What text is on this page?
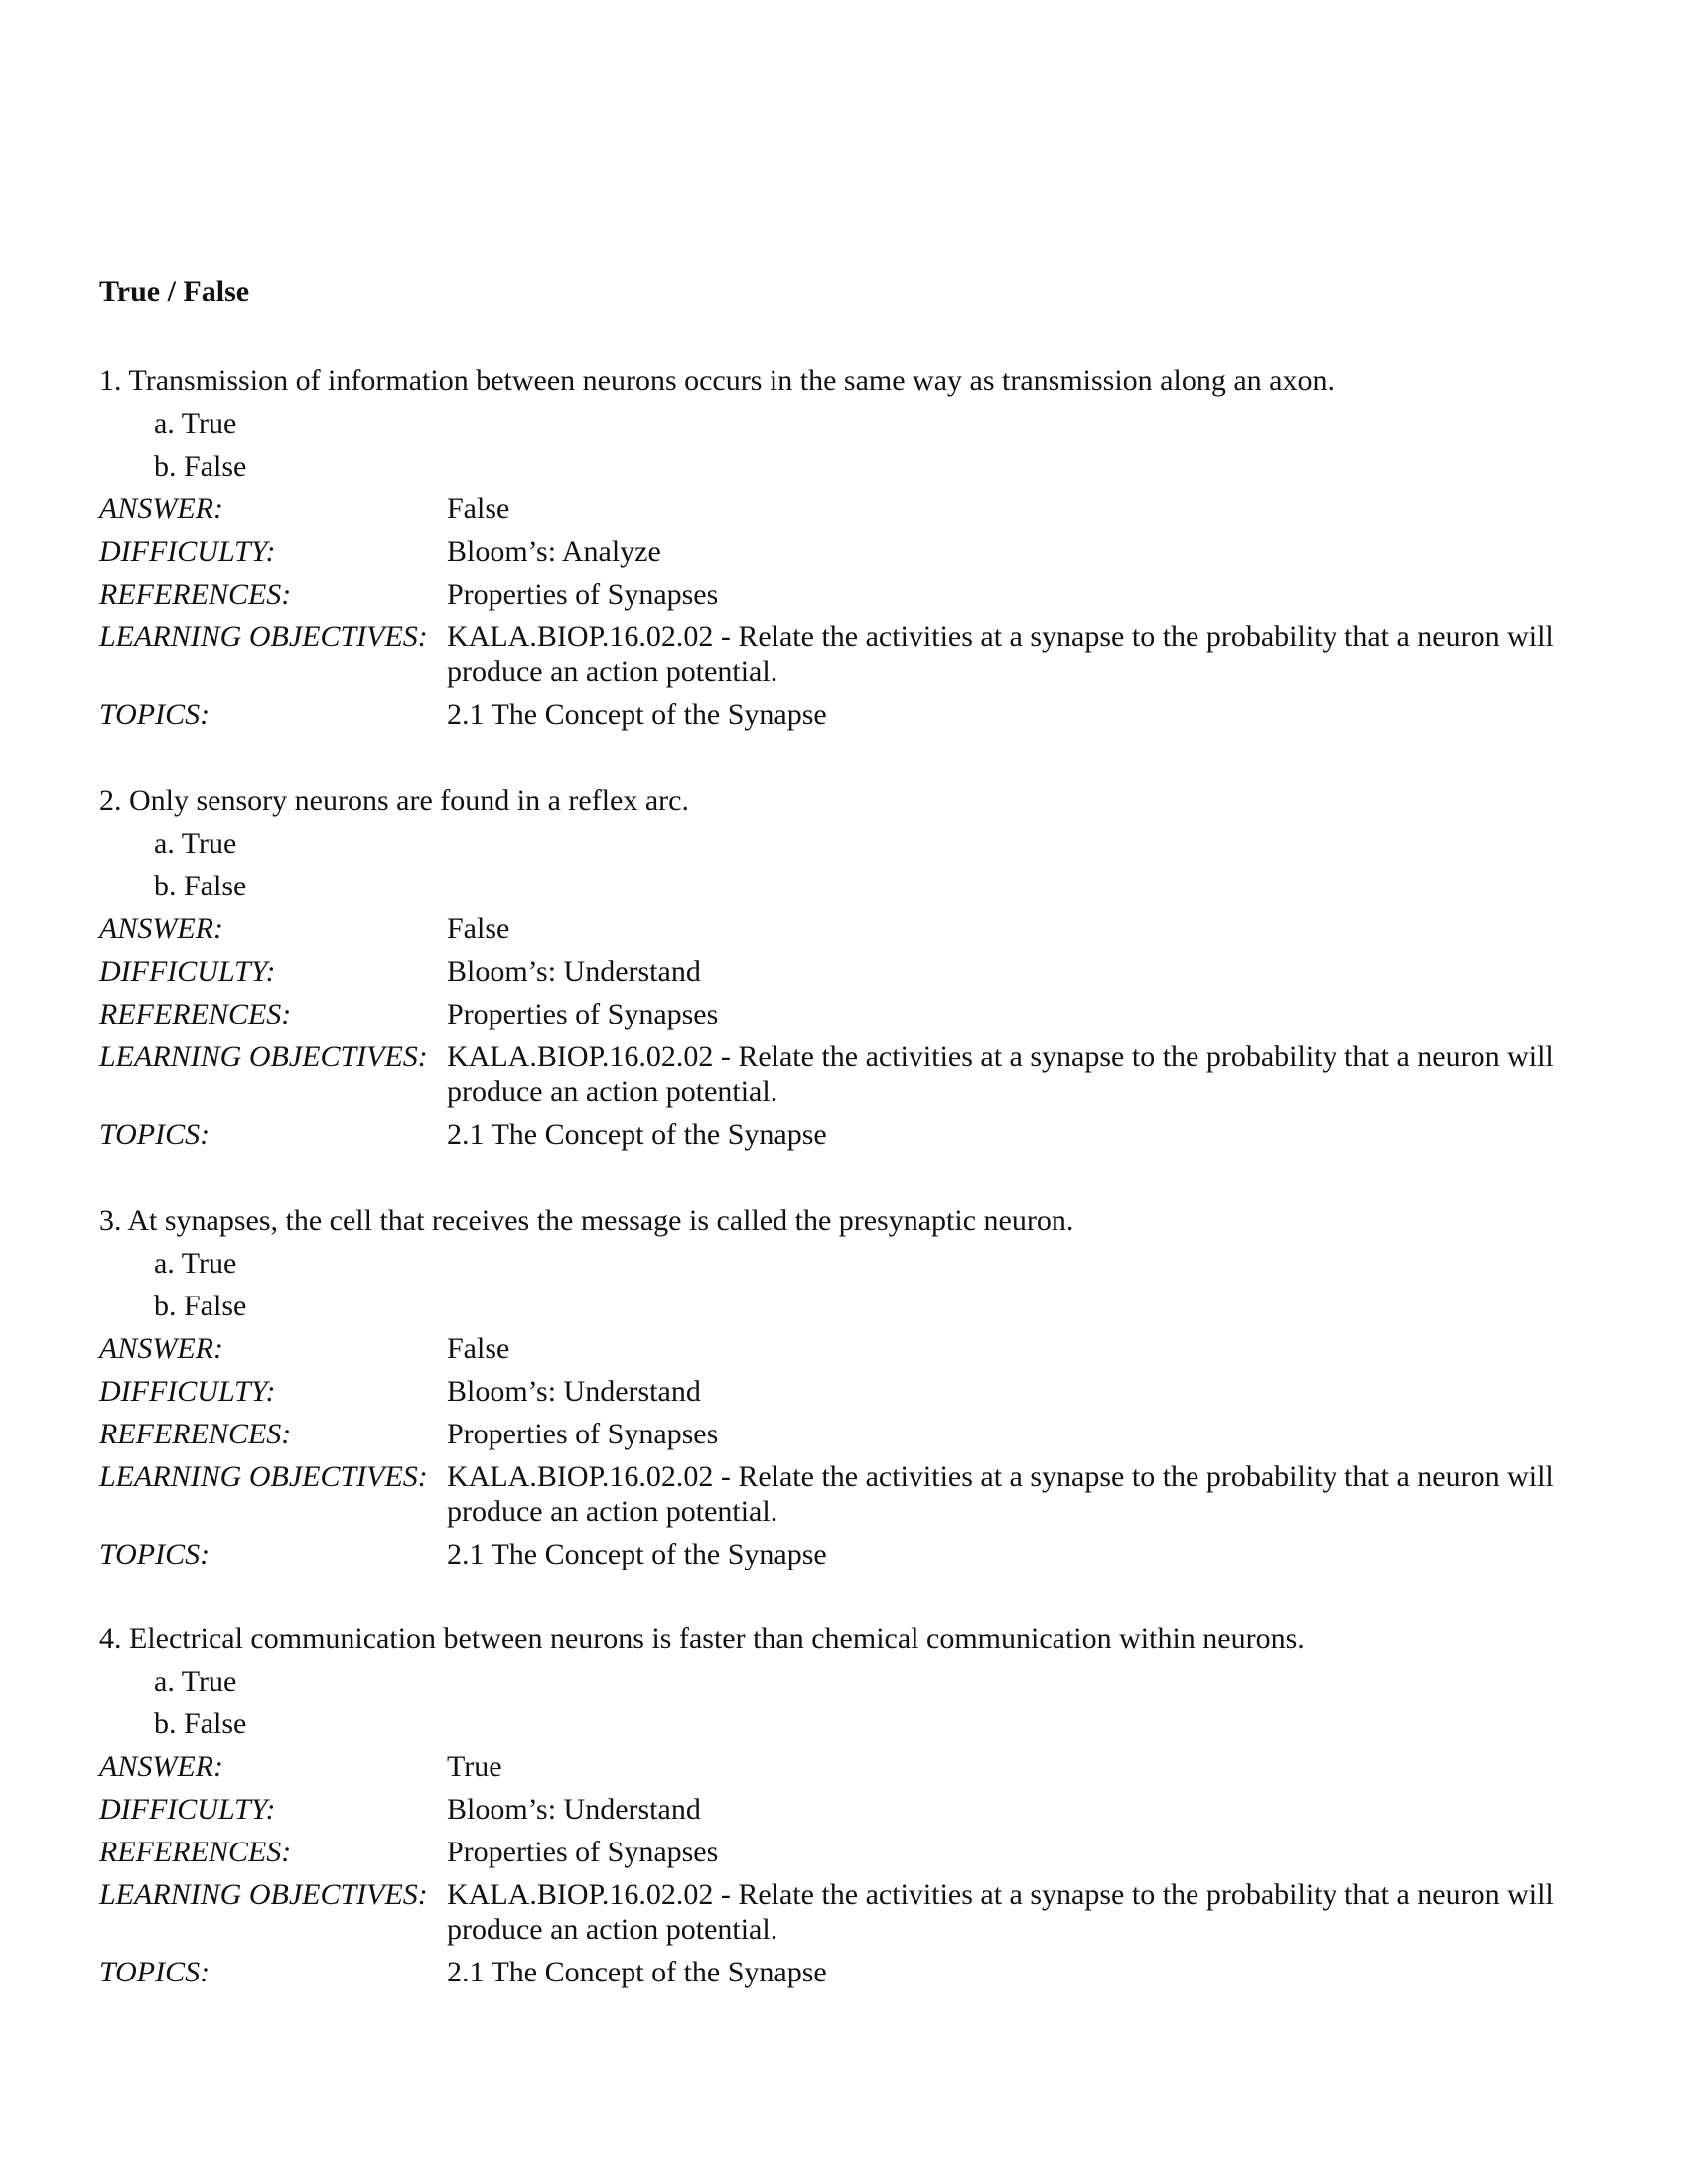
True / False
1. Transmission of information between neurons occurs in the same way as transmission along an axon.
a. True
b. False
ANSWER:	False
DIFFICULTY:	Bloom’s: Analyze
REFERENCES:	Properties of Synapses
LEARNING OBJECTIVES: KALA.BIOP.16.02.02 - Relate the activities at a synapse to the probability that a neuron will produce an action potential.
TOPICS:	2.1 The Concept of the Synapse
2. Only sensory neurons are found in a reflex arc.
a. True
b. False
ANSWER:	False
DIFFICULTY:	Bloom’s: Understand
REFERENCES:	Properties of Synapses
LEARNING OBJECTIVES: KALA.BIOP.16.02.02 - Relate the activities at a synapse to the probability that a neuron will produce an action potential.
TOPICS:	2.1 The Concept of the Synapse
3. At synapses, the cell that receives the message is called the presynaptic neuron.
a. True
b. False
ANSWER:	False
DIFFICULTY:	Bloom’s: Understand
REFERENCES:	Properties of Synapses
LEARNING OBJECTIVES: KALA.BIOP.16.02.02 - Relate the activities at a synapse to the probability that a neuron will produce an action potential.
TOPICS:	2.1 The Concept of the Synapse
4. Electrical communication between neurons is faster than chemical communication within neurons.
a. True
b. False
ANSWER:	True
DIFFICULTY:	Bloom’s: Understand
REFERENCES:	Properties of Synapses
LEARNING OBJECTIVES: KALA.BIOP.16.02.02 - Relate the activities at a synapse to the probability that a neuron will produce an action potential.
TOPICS:	2.1 The Concept of the Synapse
